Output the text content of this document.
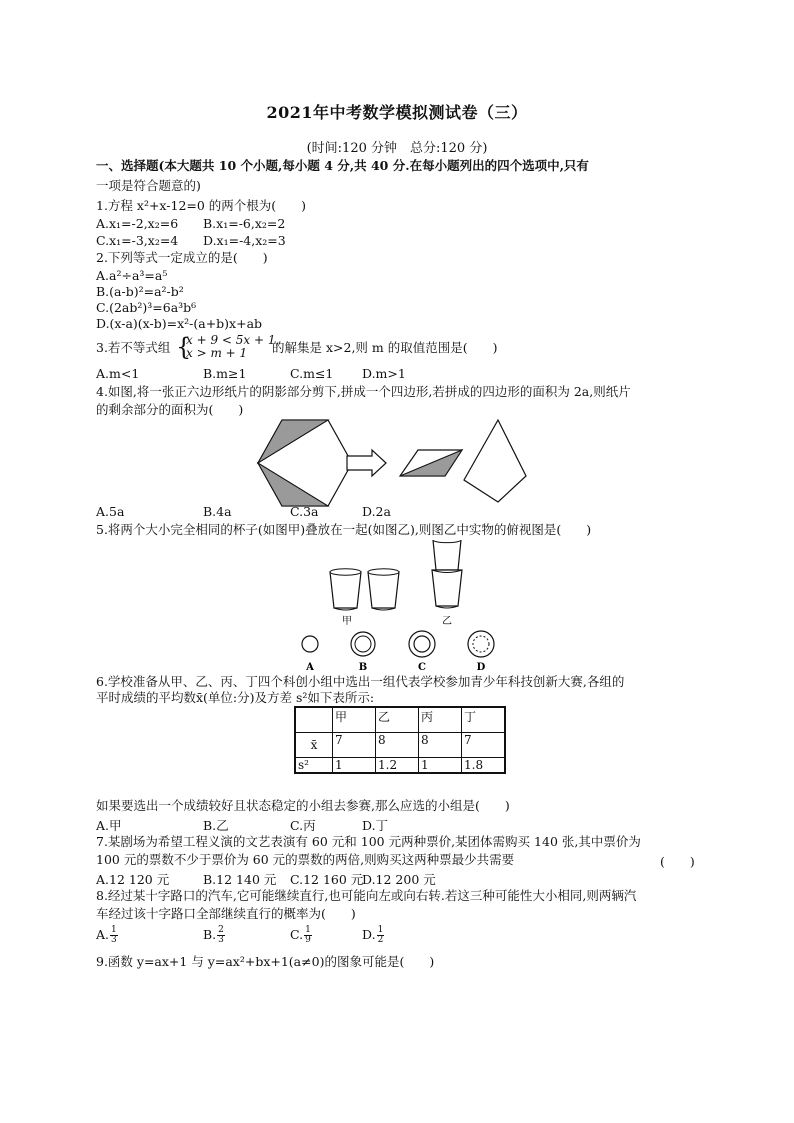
2021年中考数学模拟测试卷（三）
(时间:120 分钟　总分:120 分)
一、选择题(本大题共 10 个小题,每小题 4 分,共 40 分.在每小题列出的四个选项中,只有
一项是符合题意的)
1.方程 x²+x-12=0 的两个根为(　　)
A.x₁=-2,x₂=6 B.x₁=-6,x₂=2
C.x₁=-3,x₂=4 D.x₁=-4,x₂=3
2.下列等式一定成立的是(　　)
A.a²÷a³=a⁵
B.(a-b)²=a²-b²
C.(2ab²)³=6a³b⁶
D.(x-a)(x-b)=x²-(a+b)x+ab
3.若不等式组 {
x + 9 < 5x + 1,
x > m + 1	的解集是 x>2,则 m 的取值范围是(　　)
A.m<1	B.m≥1	C.m≤1 D.m>1
4.如图,将一张正六边形纸片的阴影部分剪下,拼成一个四边形,若拼成的四边形的面积为 2a,则纸片
的剩余部分的面积为(　　)
A.5a	B.4a	C.3a	D.2a
5.将两个大小完全相同的杯子(如图甲)叠放在一起(如图乙),则图乙中实物的俯视图是(　　)
甲	乙
A	B	C	D
6.学校准备从甲、乙、丙、丁四个科创小组中选出一组代表学校参加青少年科技创新大赛,各组的
平时成绩的平均数x̄(单位:分)及方差 s²如下表所示:
	甲	乙	丙	丁
x̄	7	8	8	7
s²	1	1.2	1	1.8
如果要选出一个成绩较好且状态稳定的小组去参赛,那么应选的小组是(　　)
A.甲	B.乙	C.丙	D.丁
7.某剧场为希望工程义演的文艺表演有 60 元和 100 元两种票价,某团体需购买 140 张,其中票价为
100 元的票数不少于票价为 60 元的票数的两倍,则购买这两种票最少共需要	(　　)
A.12 120 元	B.12 140 元 C.12 160 元
D.12 200 元
8.经过某十字路口的汽车,它可能继续直行,也可能向左或向右转.若这三种可能性大小相同,则两辆汽
车经过该十字路口全部继续直行的概率为(　　)
A. $\frac{1}{3}$	B. $\frac{2}{3}$	C. $\frac{1}{9}$	D. $\frac{1}{2}$
9.函数 y=ax+1 与 y=ax²+bx+1(a≠0)的图象可能是(　　)
